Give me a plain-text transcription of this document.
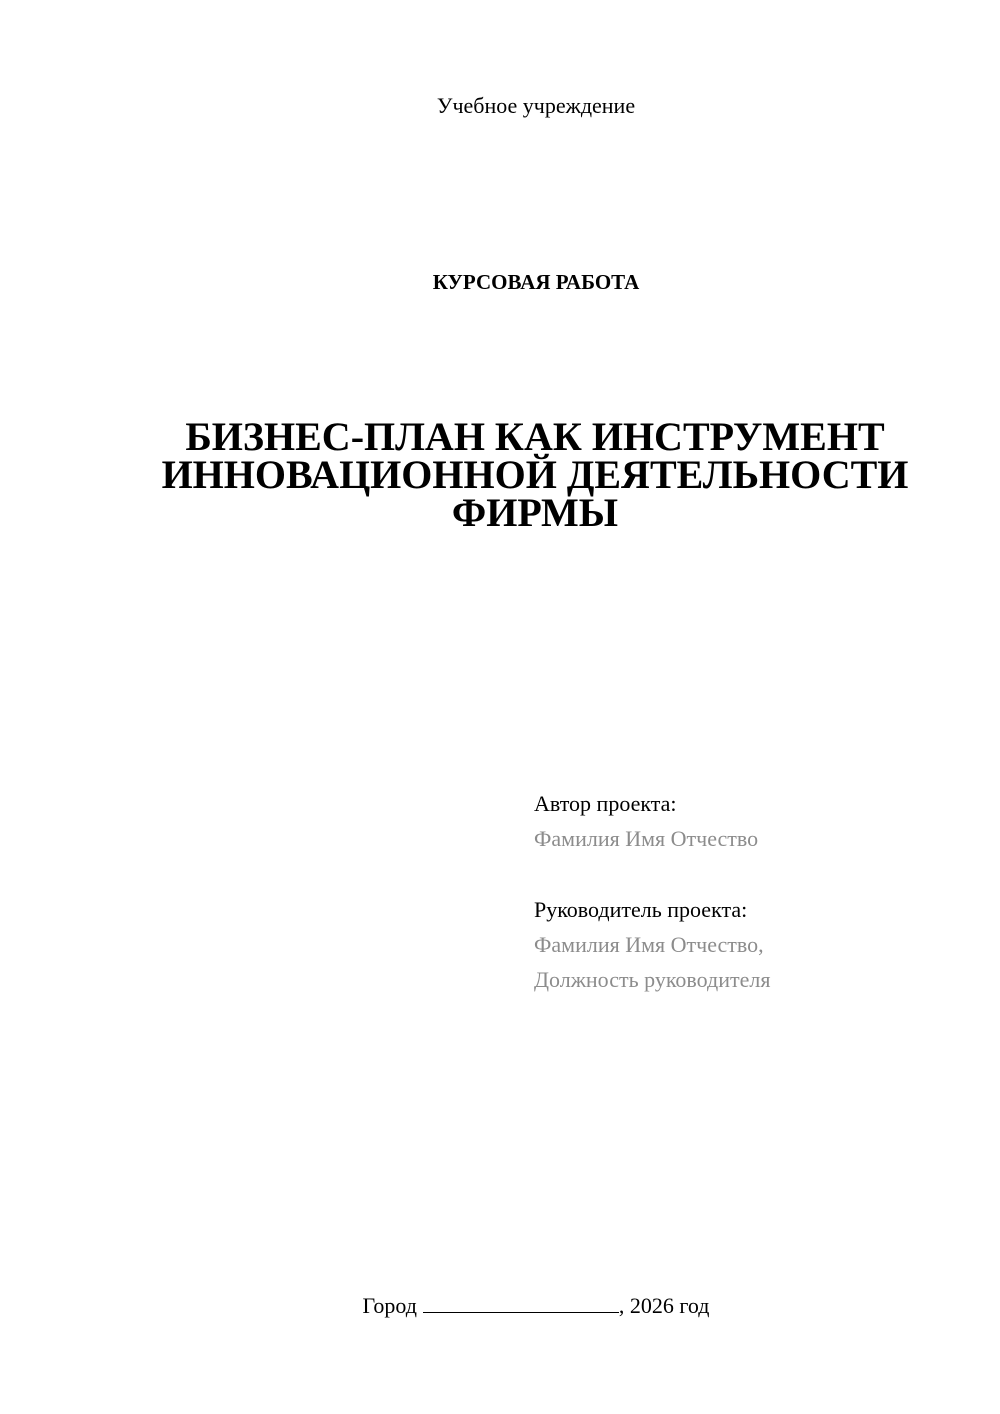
Учебное учреждение
КУРСОВАЯ РАБОТА
БИЗНЕС-ПЛАН КАК ИНСТРУМЕНТ
ИННОВАЦИОННОЙ ДЕЯТЕЛЬНОСТИ
ФИРМЫ
Автор проекта:
Фамилия Имя Отчество
Руководитель проекта:
Фамилия Имя Отчество,
Должность руководителя
Город	, 2026 год
